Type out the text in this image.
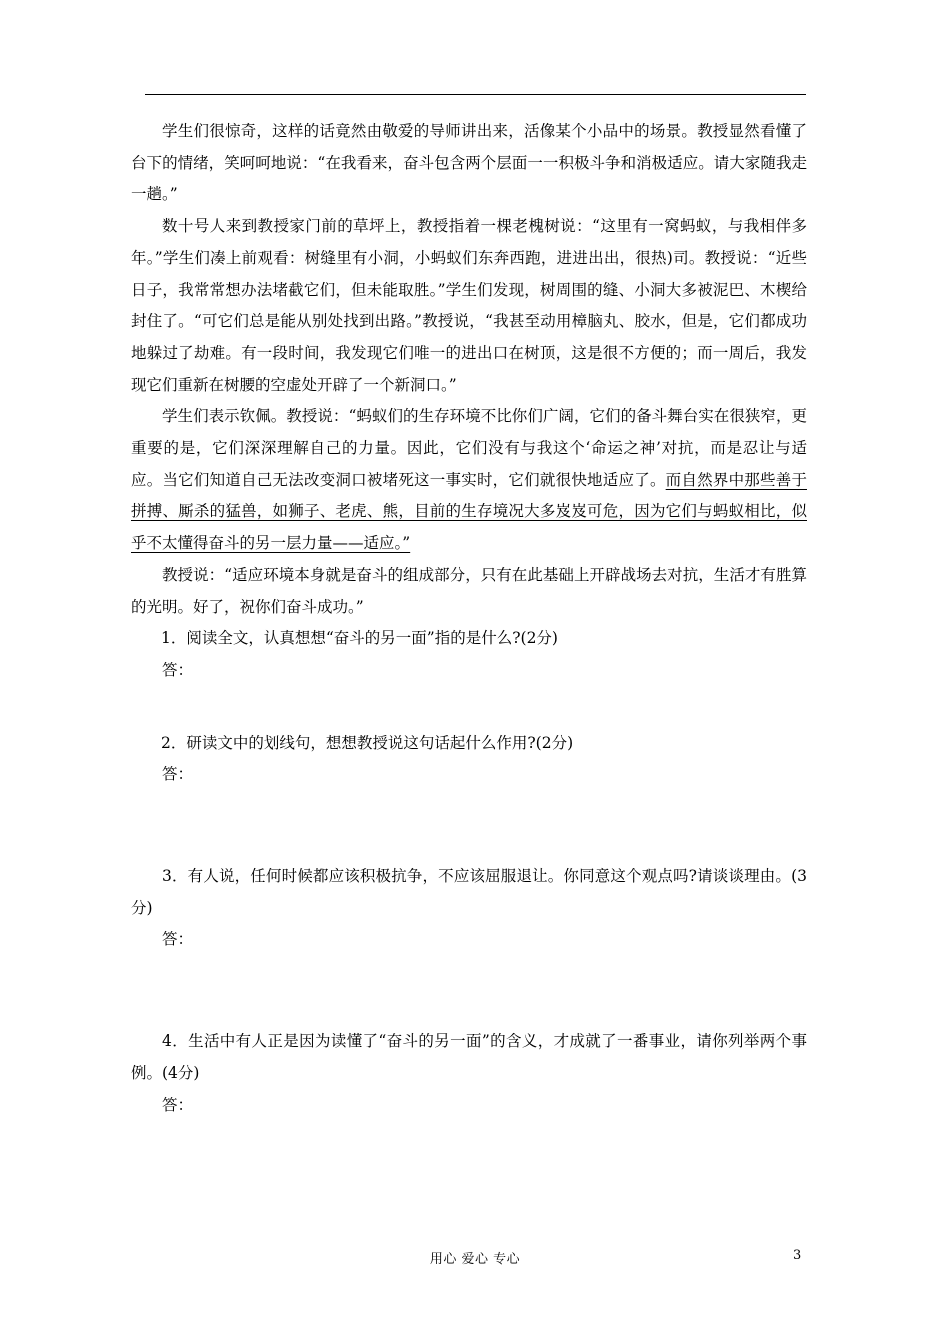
学生们很惊奇，这样的话竟然由敬爱的导师讲出来，活像某个小品中的场景。教授显然看懂了台下的情绪，笑呵呵地说：“在我看来，奋斗包含两个层面一一积极斗争和消极适应。请大家随我走一趟。”

数十号人来到教授家门前的草坪上，教授指着一棵老槐树说：“这里有一窝蚂蚁，与我相伴多年。”学生们凑上前观看：树缝里有小洞，小蚂蚁们东奔西跑，进进出出，很热)司。教授说：“近些日子，我常常想办法堵截它们，但未能取胜。”学生们发现，树周围的缝、小洞大多被泥巴、木楔给封住了。“可它们总是能从别处找到出路。”教授说，“我甚至动用樟脑丸、胶水，但是，它们都成功地躲过了劫难。有一段时间，我发现它们唯一的进出口在树顶，这是很不方便的；而一周后，我发现它们重新在树腰的空虚处开辟了一个新洞口。”

学生们表示钦佩。教授说：“蚂蚁们的生存环境不比你们广阔，它们的备斗舞台实在很狭窄，更重要的是，它们深深理解自己的力量。因此，它们没有与我这个‘命运之神’对抗，而是忍让与适应。当它们知道自己无法改变洞口被堵死这一事实时，它们就很快地适应了。而自然界中那些善于拼搏、厮杀的猛兽，如狮子、老虎、熊，目前的生存境况大多岌岌可危，因为它们与蚂蚁相比，似乎不太懂得奋斗的另一层力量——适应。”

教授说：“适应环境本身就是奋斗的组成部分，只有在此基础上开辟战场去对抗，生活才有胜算的光明。好了，祝你们奋斗成功。”

1．阅读全文，认真想想“奋斗的另一面”指的是什么?(2分)

答：

2．研读文中的划线句，想想教授说这句话起什么作用?(2分)

答：

3．有人说，任何时候都应该积极抗争，不应该屈服退让。你同意这个观点吗?请谈谈理由。(3分)

答：

4．生活中有人正是因为读懂了“奋斗的另一面”的含义，才成就了一番事业，请你列举两个事例。(4分)

答：

用心 爱心 专心	3
